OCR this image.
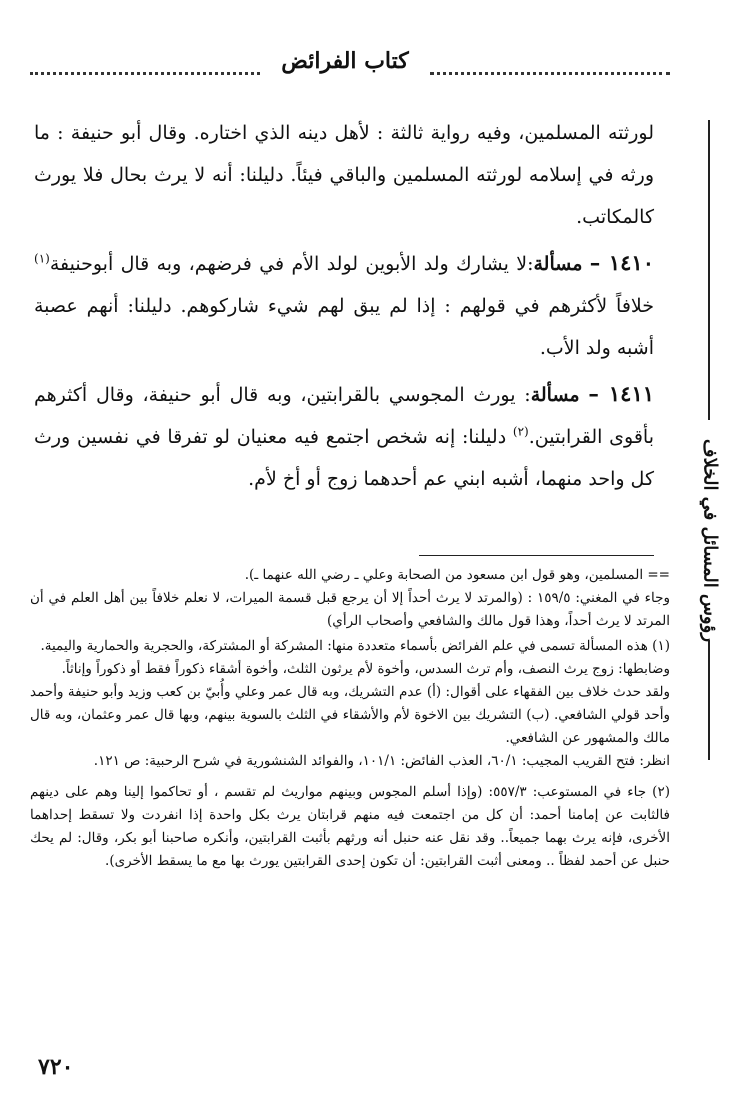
كتاب الفرائض
رؤوس المسائل في الخلاف

لورثته المسلمين، وفيه رواية ثالثة : لأهل دينه الذي اختاره. وقال أبو حنيفة : ما ورثه في إسلامه لورثته المسلمين والباقي فيئاً. دليلنا: أنه لا يرث بحال فلا يورث كالمكاتب.

١٤١٠ – مسألة:لا يشارك ولد الأبوين لولد الأم في فرضهم، وبه قال أبوحنيفة$^{(١)}$ خلافاً لأكثرهم في قولهم : إذا لم يبق لهم شيء شاركوهم. دليلنا: أنهم عصبة أشبه ولد الأب.

١٤١١ – مسألة: يورث المجوسي بالقرابتين، وبه قال أبو حنيفة، وقال أكثرهم بأقوى القرابتين.$^{(٢)}$ دليلنا: إنه شخص اجتمع فيه معنيان لو تفرقا في نفسين ورث كل واحد منهما، أشبه ابني عم أحدهما زوج أو أخ لأم.

== المسلمين، وهو قول ابن مسعود من الصحابة وعلي ـ رضي الله عنهما ـ).

وجاء في المغني: ١٥٩/٥ : (والمرتد لا يرث أحداً إلا أن يرجع قبل قسمة الميرات، لا نعلم خلافاً بين أهل العلم في أن المرتد لا يرث أحداً، وهذا قول مالك والشافعي وأصحاب الرأي)

(١) هذه المسألة تسمى في علم الفرائض بأسماء متعددة منها: المشركة أو المشتركة، والحجرية والحمارية واليمية.

وضابطها: زوج يرث النصف، وأم ترث السدس، وأخوة لأم يرثون الثلث، وأخوة أشقاء ذكوراً فقط أو ذكوراً وإناثاً.

ولقد حدث خلاف بين الفقهاء على أقوال: (أ) عدم التشريك، وبه قال عمر وعلي وأُبيّ بن كعب وزيد وأبو حنيفة وأحمد وأحد قولي الشافعي. (ب) التشريك بين الاخوة لأم والأشقاء في الثلث بالسوية بينهم، وبها قال عمر وعثمان، وبه قال مالك والمشهور عن الشافعي.

انظر: فتح القريب المجيب: ٦٠/١، العذب الفائض: ١٠١/١، والفوائد الشنشورية في شرح الرحبية: ص ١٢١.

(٢) جاء في المستوعب: ٥٥٧/٣: (وإذا أسلم المجوس وبينهم مواريث لم تقسم ، أو تحاكموا إلينا وهم على دينهم فالثابت عن إمامنا أحمد: أن كل من اجتمعت فيه منهم قرابتان يرث بكل واحدة إذا انفردت ولا تسقط إحداهما الأخرى، فإنه يرث بهما جميعاً.. وقد نقل عنه حنبل أنه ورثهم بأثبت القرابتين، وأنكره صاحبنا أبو بكر، وقال: لم يحك حنبل عن أحمد لفظاً .. ومعنى أثبت القرابتين: أن تكون إحدى القرابتين يورث بها مع ما يسقط الأخرى).

٧٢٠
